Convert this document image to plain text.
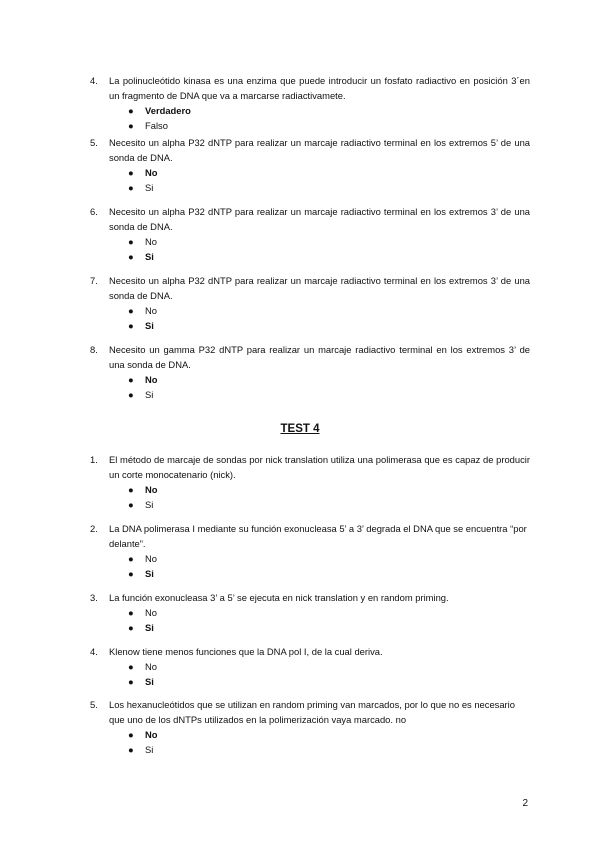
4.	La polinucleótido kinasa es una enzima que puede introducir un fosfato radiactivo en posición 3´en un fragmento de DNA que va a marcarse radiactivamete.
● Verdadero
● Falso
5.	Necesito un alpha P32 dNTP para realizar un marcaje radiactivo terminal en los extremos 5’ de una sonda de DNA.
● No
● Si
6.	Necesito un alpha P32 dNTP para realizar un marcaje radiactivo terminal en los extremos 3’ de una sonda de DNA.
● No
● Si
7.	Necesito un alpha P32 dNTP para realizar un marcaje radiactivo terminal en los extremos 3’ de una sonda de DNA.
● No
● Si
8.	Necesito un gamma P32 dNTP para realizar un marcaje radiactivo terminal en los extremos 3’ de una sonda de DNA.
● No
● Si
TEST 4
1.	El método de marcaje de sondas por nick translation utiliza una polimerasa que es capaz de producir un corte monocatenario (nick).
● No
● Si
2.	La DNA polimerasa I mediante su función exonucleasa 5’ a 3’ degrada el DNA que se encuentra “por delante”.
● No
● Si
3.	La función exonucleasa 3’ a 5’ se ejecuta en nick translation y en random priming.
● No
● Si
4.	Klenow tiene menos funciones que la DNA pol I, de la cual deriva.
● No
● Si
5.	Los hexanucleótidos que se utilizan en random priming van marcados, por lo que no es necesario que uno de los dNTPs utilizados en la polimerización vaya marcado. no
● No
● Si
2
